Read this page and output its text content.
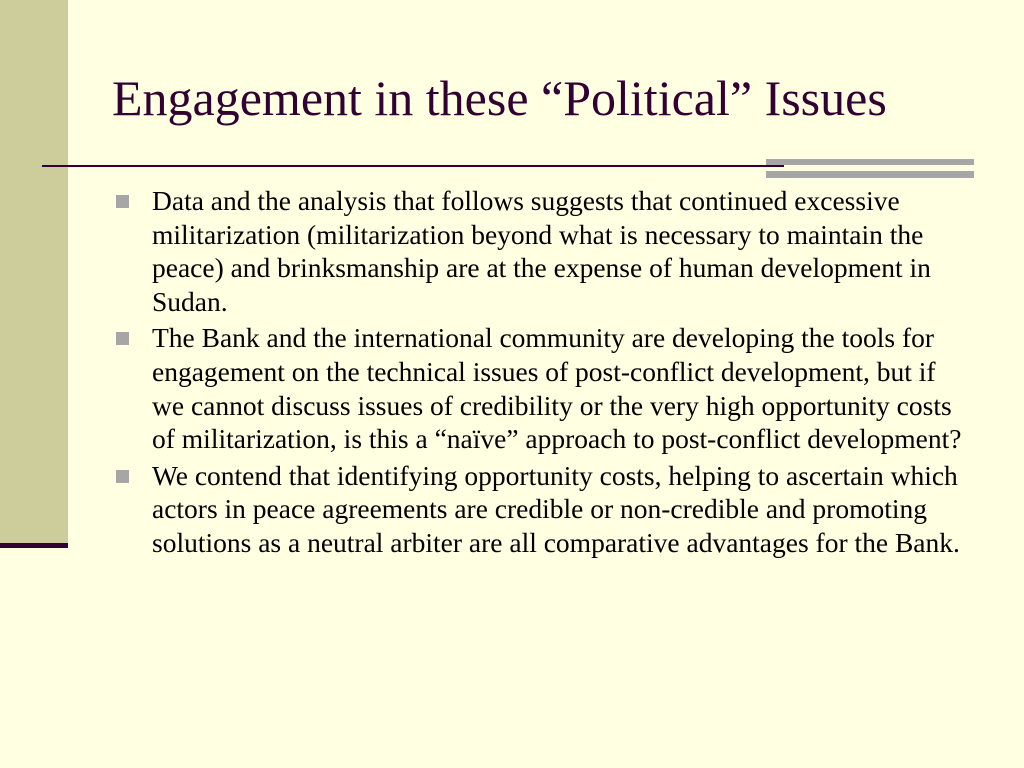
Engagement in these “Political” Issues
Data and the analysis that follows suggests that continued excessive militarization (militarization beyond what is necessary to maintain the peace) and brinksmanship are at the expense of human development in Sudan.
The Bank and the international community are developing the tools for engagement on the technical issues of post-conflict development, but if we cannot discuss issues of credibility or the very high opportunity costs of militarization, is this a “naïve” approach to post-conflict development?
We contend that identifying opportunity costs, helping to ascertain which actors in peace agreements are credible or non-credible and promoting solutions as a neutral arbiter are all comparative advantages for the Bank.
